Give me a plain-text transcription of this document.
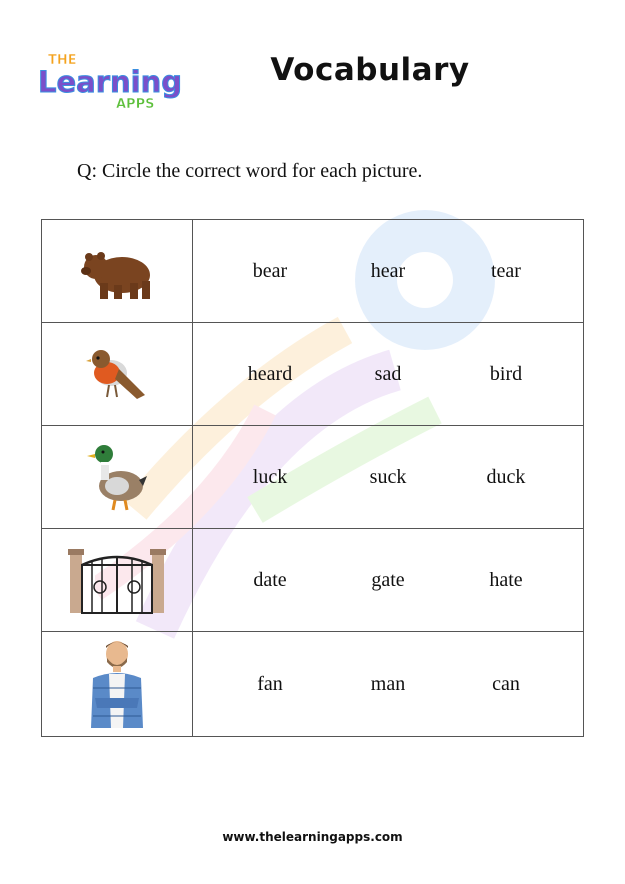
THE
Learning
APPS
Vocabulary
Q: Circle the correct word for each picture.

bear hear tear

heard sad bird

luck suck duck

date gate hate

fan man can
www.thelearningapps.com
